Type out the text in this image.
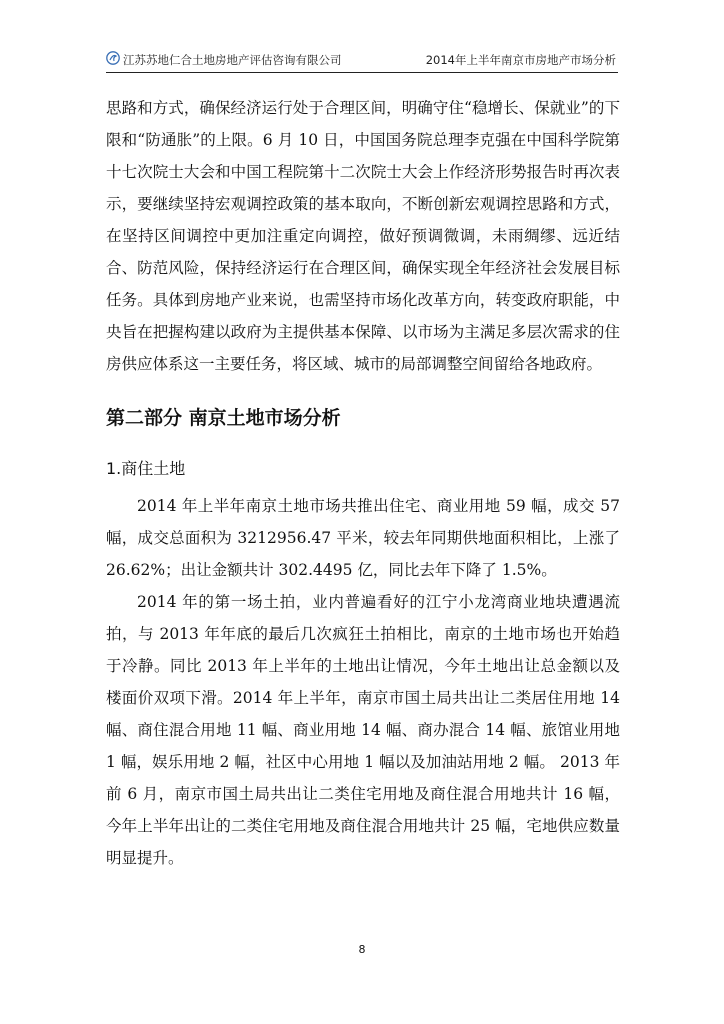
江苏苏地仁合土地房地产评估咨询有限公司	2014年上半年南京市房地产市场分析

思路和方式，确保经济运行处于合理区间，明确守住“稳增长、保就业”的下限和“防通胀”的上限。6 月 10 日，中国国务院总理李克强在中国科学院第十七次院士大会和中国工程院第十二次院士大会上作经济形势报告时再次表示，要继续坚持宏观调控政策的基本取向，不断创新宏观调控思路和方式，在坚持区间调控中更加注重定向调控，做好预调微调，未雨绸缪、远近结合、防范风险，保持经济运行在合理区间，确保实现全年经济社会发展目标任务。具体到房地产业来说，也需坚持市场化改革方向，转变政府职能，中央旨在把握构建以政府为主提供基本保障、以市场为主满足多层次需求的住房供应体系这一主要任务，将区域、城市的局部调整空间留给各地政府。

第二部分 南京土地市场分析
1.商住土地

2014 年上半年南京土地市场共推出住宅、商业用地 59 幅，成交 57 幅，成交总面积为 3212956.47 平米，较去年同期供地面积相比，上涨了 26.62%；出让金额共计 302.4495 亿，同比去年下降了 1.5%。

2014 年的第一场土拍，业内普遍看好的江宁小龙湾商业地块遭遇流拍，与 2013 年年底的最后几次疯狂土拍相比，南京的土地市场也开始趋于冷静。同比 2013 年上半年的土地出让情况，今年土地出让总金额以及楼面价双项下滑。2014 年上半年，南京市国土局共出让二类居住用地 14 幅、商住混合用地 11 幅、商业用地 14 幅、商办混合 14 幅、旅馆业用地 1 幅，娱乐用地 2 幅，社区中心用地 1 幅以及加油站用地 2 幅。 2013 年前 6 月，南京市国土局共出让二类住宅用地及商住混合用地共计 16 幅，今年上半年出让的二类住宅用地及商住混合用地共计 25 幅，宅地供应数量明显提升。

8
